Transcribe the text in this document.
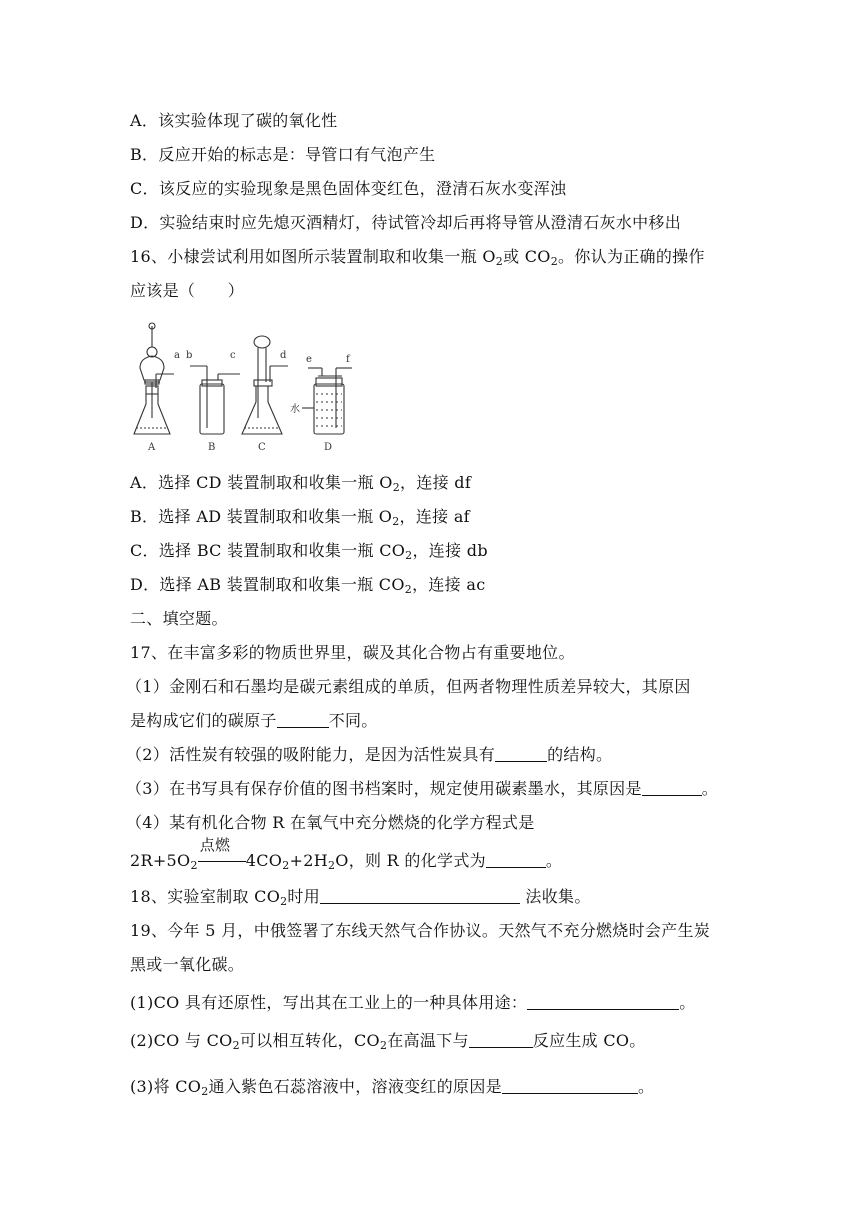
A．该实验体现了碳的氧化性
B．反应开始的标志是：导管口有气泡产生
C．该反应的实验现象是黑色固体变红色，澄清石灰水变浑浊
D．实验结束时应先熄灭酒精灯，待试管冷却后再将导管从澄清石灰水中移出
16、小棣尝试利用如图所示装置制取和收集一瓶 $O_2$或 $CO_2$。你认为正确的操作
应该是（　　）
a b	c	d e	f
A	B	C	D
水
A．选择 CD 装置制取和收集一瓶 $O_2$，连接 df
B．选择 AD 装置制取和收集一瓶 $O_2$，连接 af
C．选择 BC 装置制取和收集一瓶 $CO_2$，连接 db
D．选择 AB 装置制取和收集一瓶 $CO_2$，连接 ac
二、填空题。
17、在丰富多彩的物质世界里，碳及其化合物占有重要地位。
（1）金刚石和石墨均是碳元素组成的单质，但两者物理性质差异较大，其原因
是构成它们的碳原子	不同。
（2）活性炭有较强的吸附能力，是因为活性炭具有	的结构。
（3）在书写具有保存价值的图书档案时，规定使用碳素墨水，其原因是	。
（4）某有机化合物 R 在氧气中充分燃烧的化学方程式是
$2R+5O_2$
点燃
$4CO_2+2H_2O$，则 R 的化学式为	。
18、实验室制取 $CO_2$时用	法收集。
19、今年 5 月，中俄签署了东线天然气合作协议。天然气不充分燃烧时会产生炭
黑或一氧化碳。
(1)CO 具有还原性，写出其在工业上的一种具体用途：	。
(2)CO 与 $CO_2$可以相互转化，$CO_2$在高温下与	反应生成 CO。
(3)将 $CO_2$通入紫色石蕊溶液中，溶液变红的原因是	。
